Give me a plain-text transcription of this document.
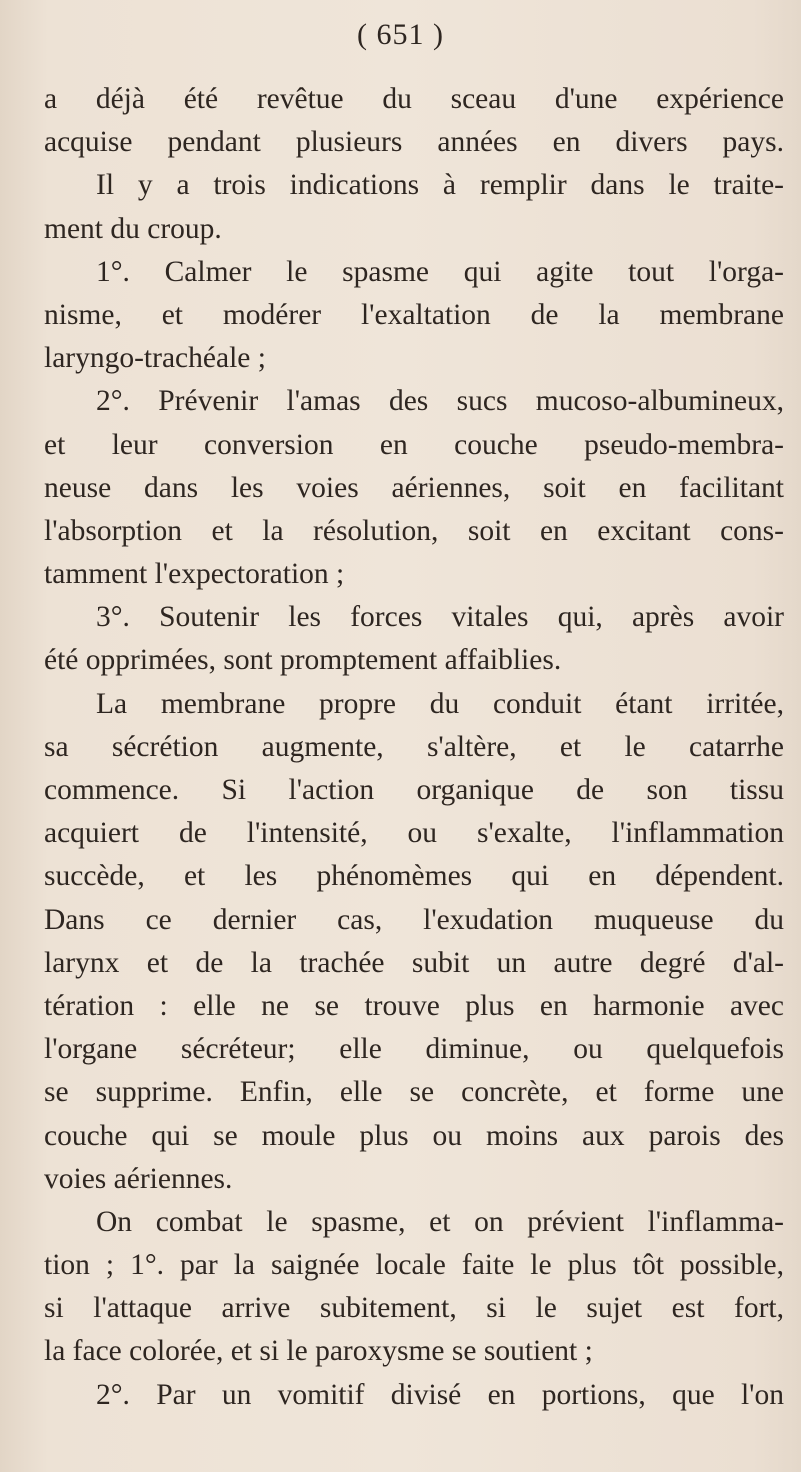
( 651 )
a déjà été revêtue du sceau d'une expérience
acquise pendant plusieurs années en divers pays.
Il y a trois indications à remplir dans le traite-
ment du croup.
1°. Calmer le spasme qui agite tout l'orga-
nisme, et modérer l'exaltation de la membrane
laryngo-trachéale ;
2°. Prévenir l'amas des sucs mucoso-albumineux,
et leur conversion en couche pseudo-membra-
neuse dans les voies aériennes, soit en facilitant
l'absorption et la résolution, soit en excitant cons-
tamment l'expectoration ;
3°. Soutenir les forces vitales qui, après avoir
été opprimées, sont promptement affaiblies.
La membrane propre du conduit étant irritée,
sa sécrétion augmente, s'altère, et le catarrhe
commence. Si l'action organique de son tissu
acquiert de l'intensité, ou s'exalte, l'inflammation
succède, et les phénomèmes qui en dépendent.
Dans ce dernier cas, l'exudation muqueuse du
larynx et de la trachée subit un autre degré d'al-
tération : elle ne se trouve plus en harmonie avec
l'organe sécréteur; elle diminue, ou quelquefois
se supprime. Enfin, elle se concrète, et forme une
couche qui se moule plus ou moins aux parois des
voies aériennes.
On combat le spasme, et on prévient l'inflamma-
tion ; 1°. par la saignée locale faite le plus tôt possible,
si l'attaque arrive subitement, si le sujet est fort,
la face colorée, et si le paroxysme se soutient ;
2°. Par un vomitif divisé en portions, que l'on
